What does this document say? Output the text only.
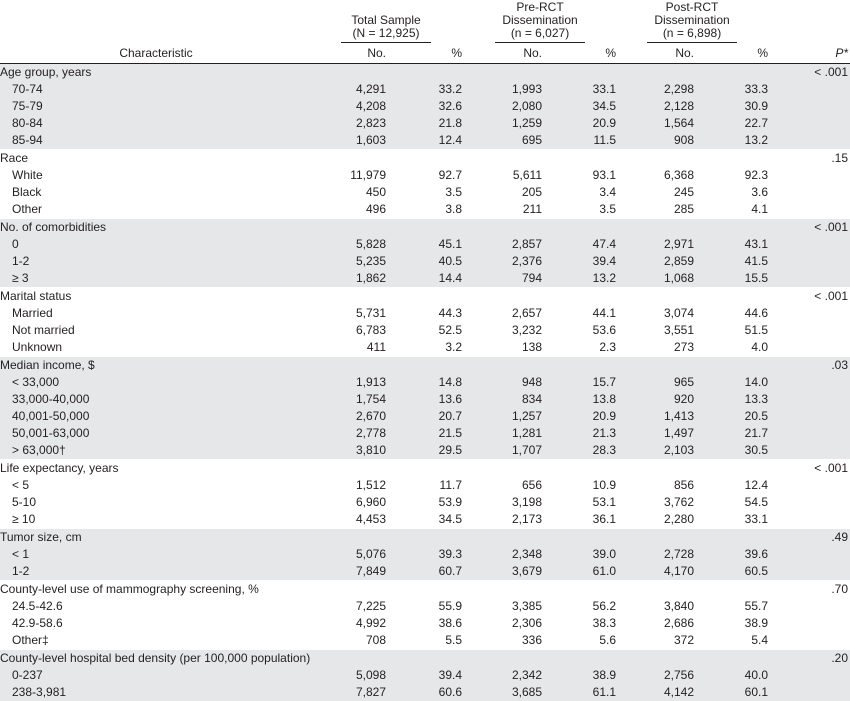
	Total Sample
(N = 12,925)		Pre-RCT
Dissemination
(n = 6,027)		Post-RCT
Dissemination
(n = 6,898)		
Characteristic	No.	%	No.	%	No.	%	P*
Age group, years							< .001
70-74	4,291	33.2	1,993	33.1	2,298	33.3	
75-79	4,208	32.6	2,080	34.5	2,128	30.9	
80-84	2,823	21.8	1,259	20.9	1,564	22.7	
85-94	1,603	12.4	695	11.5	908	13.2	
Race							.15
White	11,979	92.7	5,611	93.1	6,368	92.3	
Black	450	3.5	205	3.4	245	3.6	
Other	496	3.8	211	3.5	285	4.1	
No. of comorbidities							< .001
0	5,828	45.1	2,857	47.4	2,971	43.1	
1-2	5,235	40.5	2,376	39.4	2,859	41.5	
≥ 3	1,862	14.4	794	13.2	1,068	15.5	
Marital status							< .001
Married	5,731	44.3	2,657	44.1	3,074	44.6	
Not married	6,783	52.5	3,232	53.6	3,551	51.5	
Unknown	411	3.2	138	2.3	273	4.0	
Median income, $							.03
< 33,000	1,913	14.8	948	15.7	965	14.0	
33,000-40,000	1,754	13.6	834	13.8	920	13.3	
40,001-50,000	2,670	20.7	1,257	20.9	1,413	20.5	
50,001-63,000	2,778	21.5	1,281	21.3	1,497	21.7	
> 63,000†	3,810	29.5	1,707	28.3	2,103	30.5	
Life expectancy, years							< .001
< 5	1,512	11.7	656	10.9	856	12.4	
5-10	6,960	53.9	3,198	53.1	3,762	54.5	
≥ 10	4,453	34.5	2,173	36.1	2,280	33.1	
Tumor size, cm							.49
< 1	5,076	39.3	2,348	39.0	2,728	39.6	
1-2	7,849	60.7	3,679	61.0	4,170	60.5	
County-level use of mammography screening, %							.70
24.5-42.6	7,225	55.9	3,385	56.2	3,840	55.7	
42.9-58.6	4,992	38.6	2,306	38.3	2,686	38.9	
Other‡	708	5.5	336	5.6	372	5.4	
County-level hospital bed density (per 100,000 population)							.20
0-237	5,098	39.4	2,342	38.9	2,756	40.0	
238-3,981	7,827	60.6	3,685	61.1	4,142	60.1	
